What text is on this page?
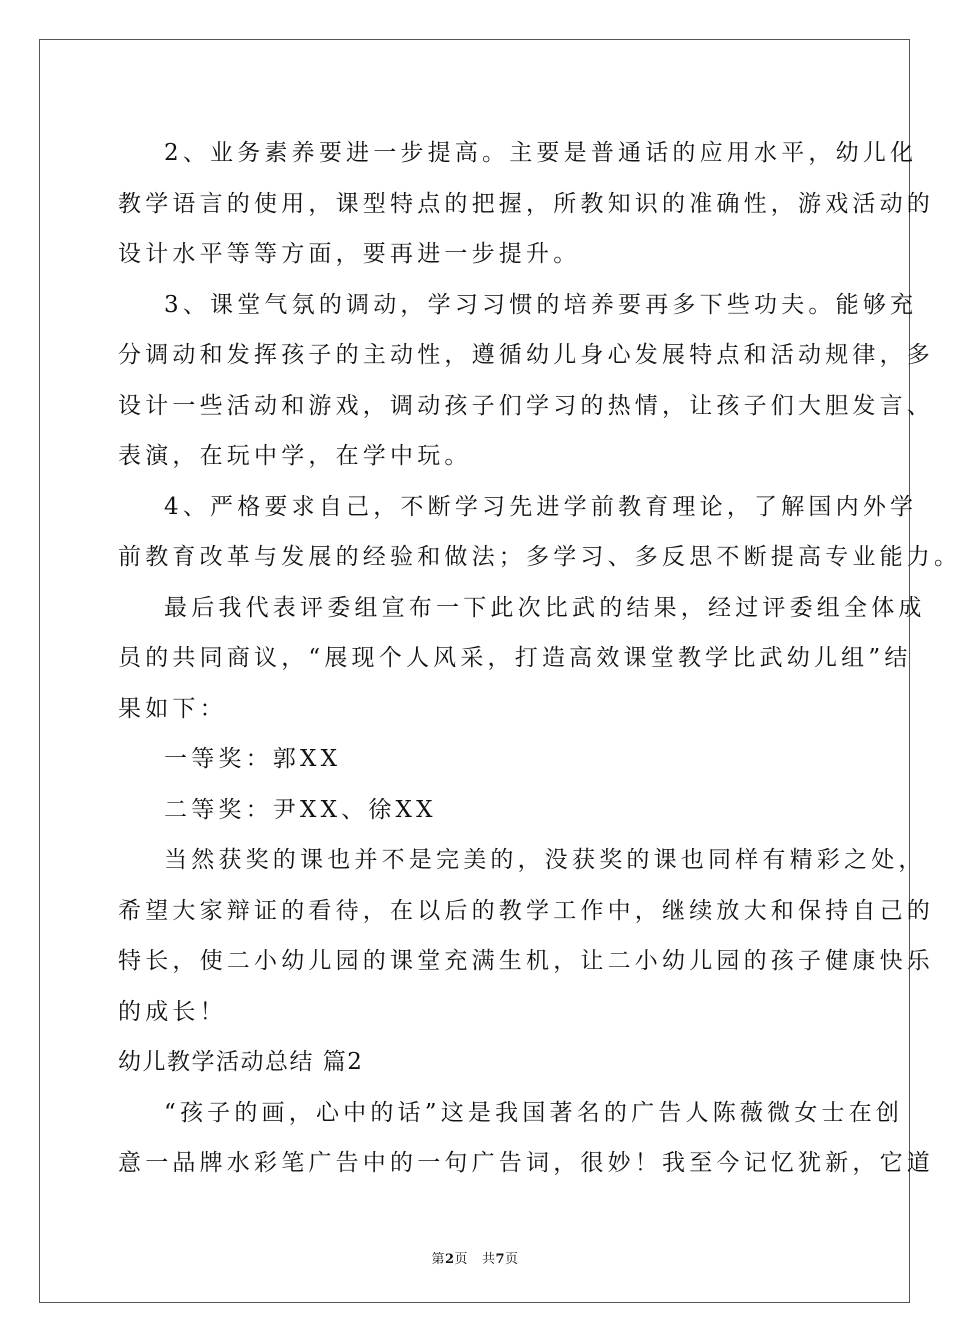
2、业务素养要进一步提高。主要是普通话的应用水平，幼儿化
教学语言的使用，课型特点的把握，所教知识的准确性，游戏活动的
设计水平等等方面，要再进一步提升。
3、课堂气氛的调动，学习习惯的培养要再多下些功夫。能够充
分调动和发挥孩子的主动性，遵循幼儿身心发展特点和活动规律，多
设计一些活动和游戏，调动孩子们学习的热情，让孩子们大胆发言、
表演，在玩中学，在学中玩。
4、严格要求自己，不断学习先进学前教育理论，了解国内外学
前教育改革与发展的经验和做法；多学习、多反思不断提高专业能力。
最后我代表评委组宣布一下此次比武的结果，经过评委组全体成
员的共同商议，“展现个人风采，打造高效课堂教学比武幼儿组”结
果如下：
一等奖：郭XX
二等奖：尹XX、徐XX
当然获奖的课也并不是完美的，没获奖的课也同样有精彩之处，
希望大家辩证的看待，在以后的教学工作中，继续放大和保持自己的
特长，使二小幼儿园的课堂充满生机，让二小幼儿园的孩子健康快乐
的成长！
幼儿教学活动总结 篇2
“孩子的画，心中的话”这是我国著名的广告人陈薇微女士在创
意一品牌水彩笔广告中的一句广告词，很妙！我至今记忆犹新，它道
第2页 共7页
